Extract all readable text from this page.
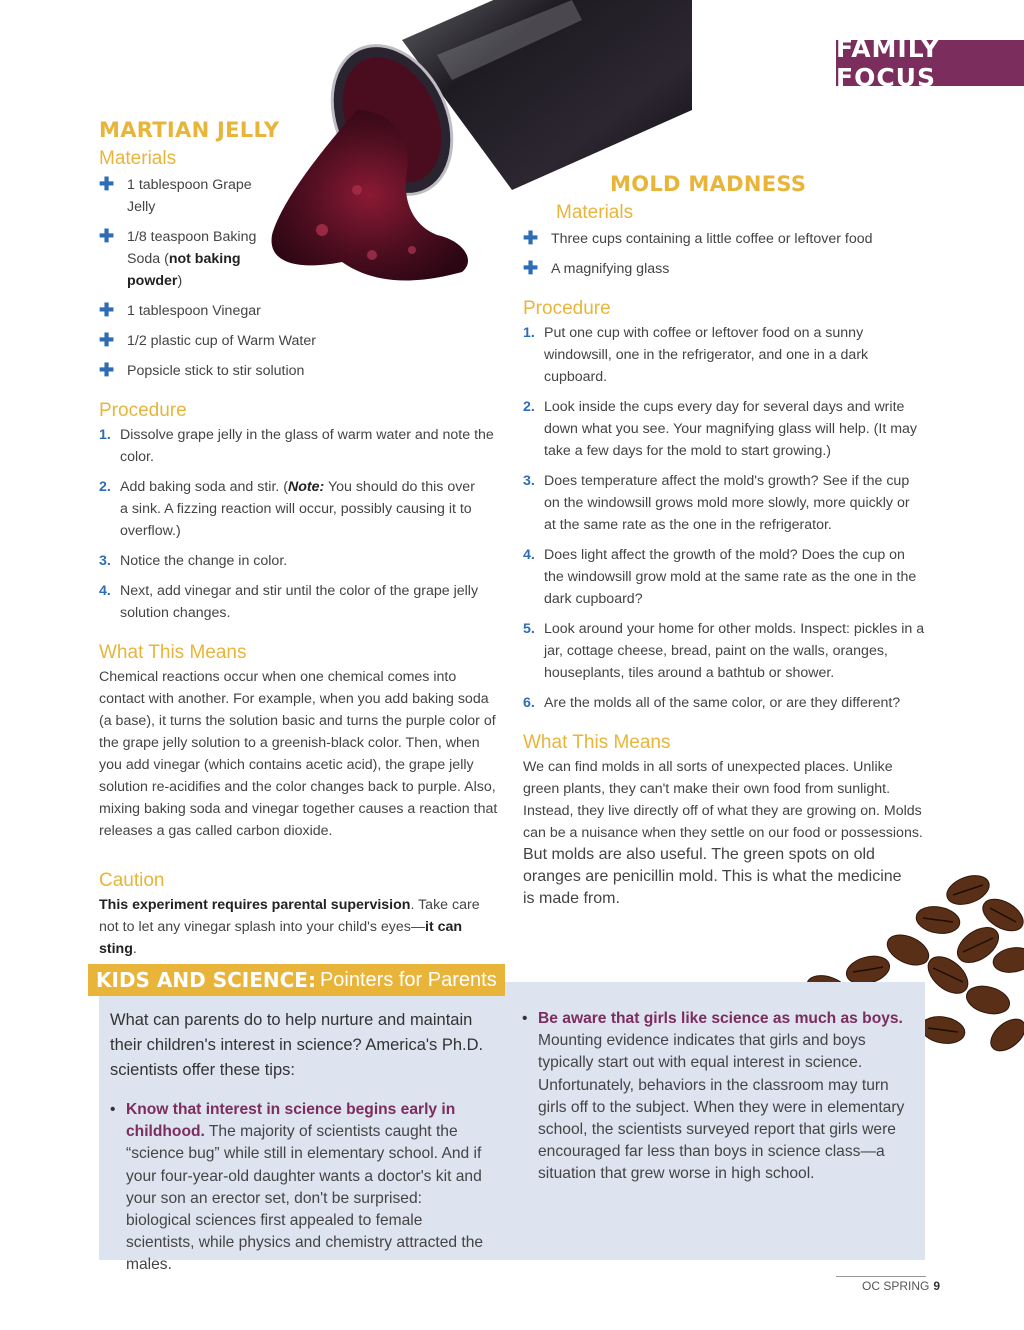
FAMILY FOCUS
MARTIAN JELLY
Materials
✚ 1 tablespoon Grape Jelly
✚ 1/8 teaspoon Baking Soda (not baking powder)
✚ 1 tablespoon Vinegar
✚ 1/2 plastic cup of Warm Water
✚ Popsicle stick to stir solution
Procedure
1. Dissolve grape jelly in the glass of warm water and note the color.
2. Add baking soda and stir. (Note: You should do this over a sink. A fizzing reaction will occur, possibly causing it to overflow.)
3. Notice the change in color.
4. Next, add vinegar and stir until the color of the grape jelly solution changes.
What This Means

Chemical reactions occur when one chemical comes into contact with another. For example, when you add baking soda (a base), it turns the solution basic and turns the purple color of the grape jelly solution to a greenish-black color. Then, when you add vinegar (which contains acetic acid), the grape jelly solution re-acidifies and the color changes back to purple. Also, mixing baking soda and vinegar together causes a reaction that releases a gas called carbon dioxide.

Caution

This experiment requires parental supervision. Take care not to let any vinegar splash into your child's eyes—it can sting.

MOLD MADNESS
Materials
✚ Three cups containing a little coffee or leftover food
✚ A magnifying glass
Procedure
1. Put one cup with coffee or leftover food on a sunny windowsill, one in the refrigerator, and one in a dark cupboard.
2. Look inside the cups every day for several days and write down what you see. Your magnifying glass will help. (It may take a few days for the mold to start growing.)
3. Does temperature affect the mold's growth? See if the cup on the windowsill grows mold more slowly, more quickly or at the same rate as the one in the refrigerator.
4. Does light affect the growth of the mold? Does the cup on the windowsill grow mold at the same rate as the one in the dark cupboard?
5. Look around your home for other molds. Inspect: pickles in a jar, cottage cheese, bread, paint on the walls, oranges, houseplants, tiles around a bathtub or shower.
6. Are the molds all of the same color, or are they different?
What This Means

We can find molds in all sorts of unexpected places. Unlike green plants, they can't make their own food from sunlight. Instead, they live directly off of what they are growing on. Molds can be a nuisance when they settle on our food or possessions.

But molds are also useful. The green spots on old oranges are penicillin mold. This is what the medicine is made from.

What can parents do to help nurture and maintain their children's interest in science? America's Ph.D. scientists offer these tips:

• Know that interest in science begins early in childhood. The majority of scientists caught the “science bug” while still in elementary school. And if your four-year-old daughter wants a doctor's kit and your son an erector set, don't be surprised: biological sciences first appealed to female scientists, while physics and chemistry attracted the males.
• Be aware that girls like science as much as boys. Mounting evidence indicates that girls and boys typically start out with equal interest in science. Unfortunately, behaviors in the classroom may turn girls off to the subject. When they were in elementary school, the scientists surveyed report that girls were encouraged far less than boys in science class—a situation that grew worse in high school.
KIDS AND SCIENCE: Pointers for Parents
OC SPRING 9
